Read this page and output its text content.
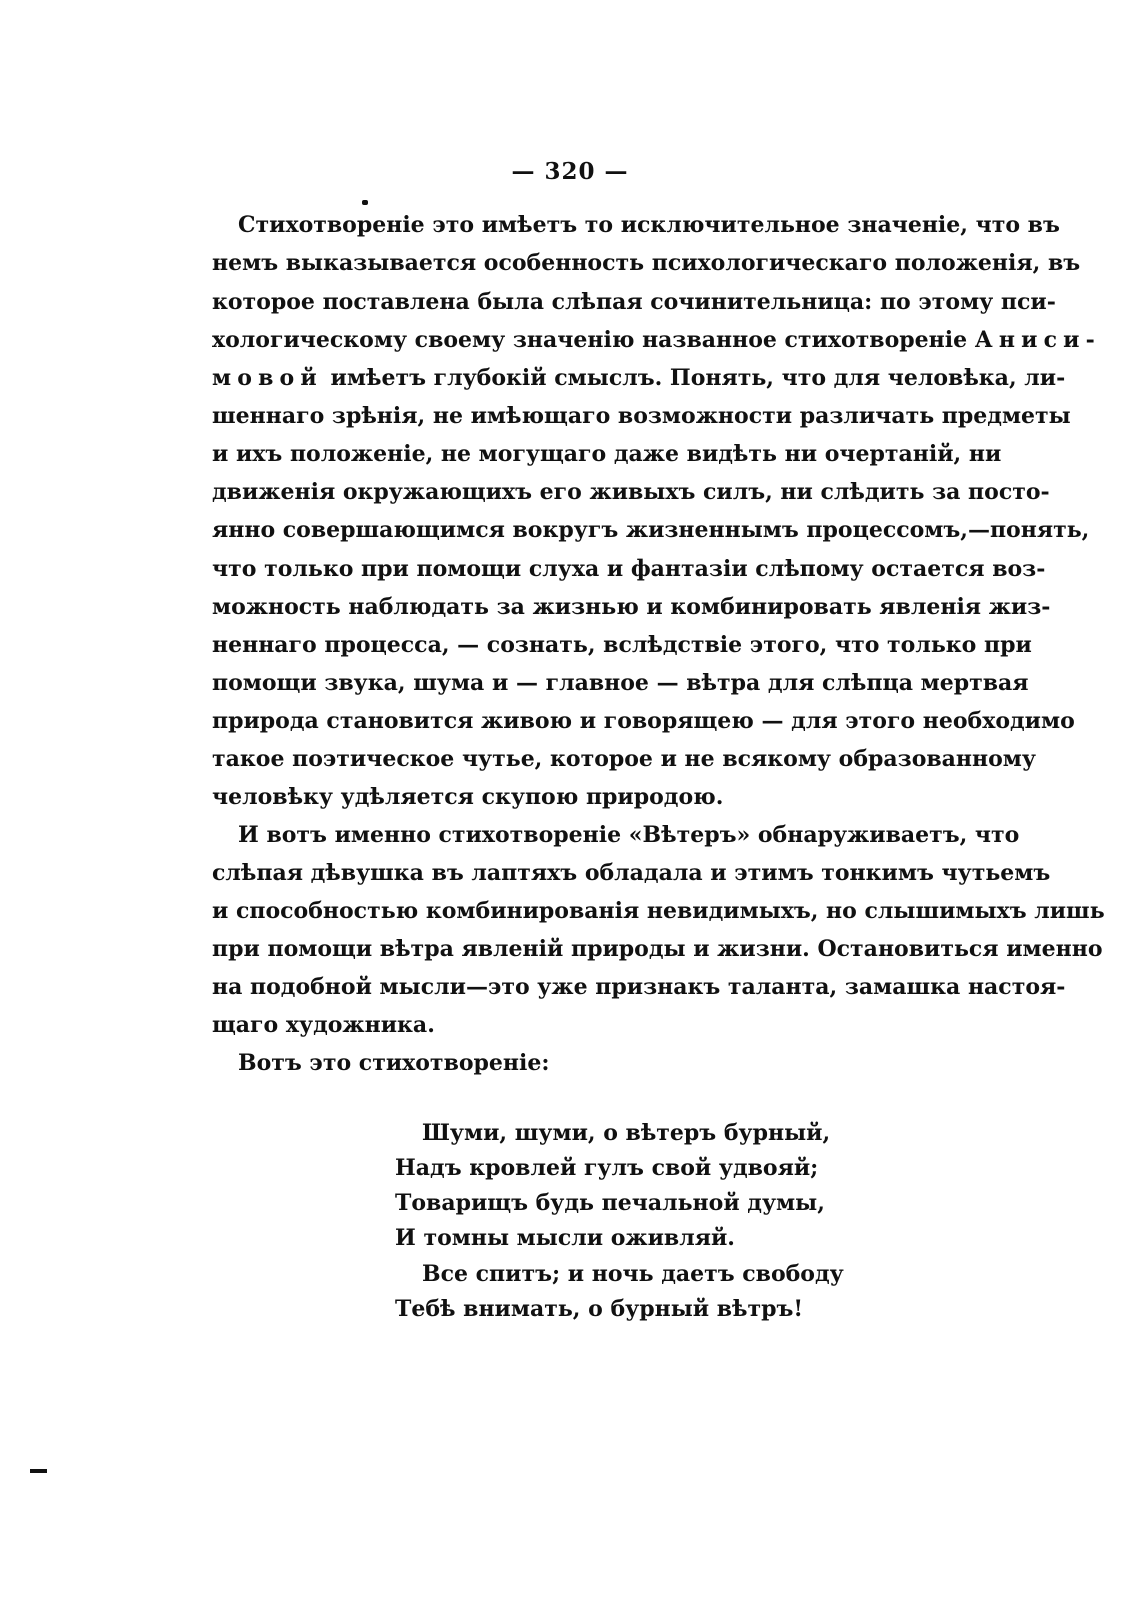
— 320 —
Стихотвореніе это имѣетъ то исключительное значеніе, что въ
немъ выказывается особенность психологическаго положенія, въ
которое поставлена была слѣпая сочинительница: по этому пси-
хологическому своему значенію названное стихотвореніе Аниси-
мовой имѣетъ глубокій смыслъ. Понять, что для человѣка, ли-
шеннаго зрѣнія, не имѣющаго возможности различать предметы
и ихъ положеніе, не могущаго даже видѣть ни очертаній, ни
движенія окружающихъ его живыхъ силъ, ни слѣдить за посто-
янно совершающимся вокругъ жизненнымъ процессомъ,—понять,
что только при помощи слуха и фантазіи слѣпому остается воз-
можность наблюдать за жизнью и комбинировать явленія жиз-
неннаго процесса, — сознать, вслѣдствіе этого, что только при
помощи звука, шума и — главное — вѣтра для слѣпца мертвая
природа становится живою и говорящею — для этого необходимо
такое поэтическое чутье, которое и не всякому образованному
человѣку удѣляется скупою природою.
И вотъ именно стихотвореніе «Вѣтеръ» обнаруживаетъ, что
слѣпая дѣвушка въ лаптяхъ обладала и этимъ тонкимъ чутьемъ
и способностью комбинированія невидимыхъ, но слышимыхъ лишь
при помощи вѣтра явленій природы и жизни. Остановиться именно
на подобной мысли—это уже признакъ таланта, замашка настоя-
щаго художника.
Вотъ это стихотвореніе:
Шуми, шуми, о вѣтеръ бурный,
Надъ кровлей гулъ свой удвояй;
Товарищъ будь печальной думы,
И томны мысли оживляй.
Все спитъ; и ночь даетъ свободу
Тебѣ внимать, о бурный вѣтръ!
